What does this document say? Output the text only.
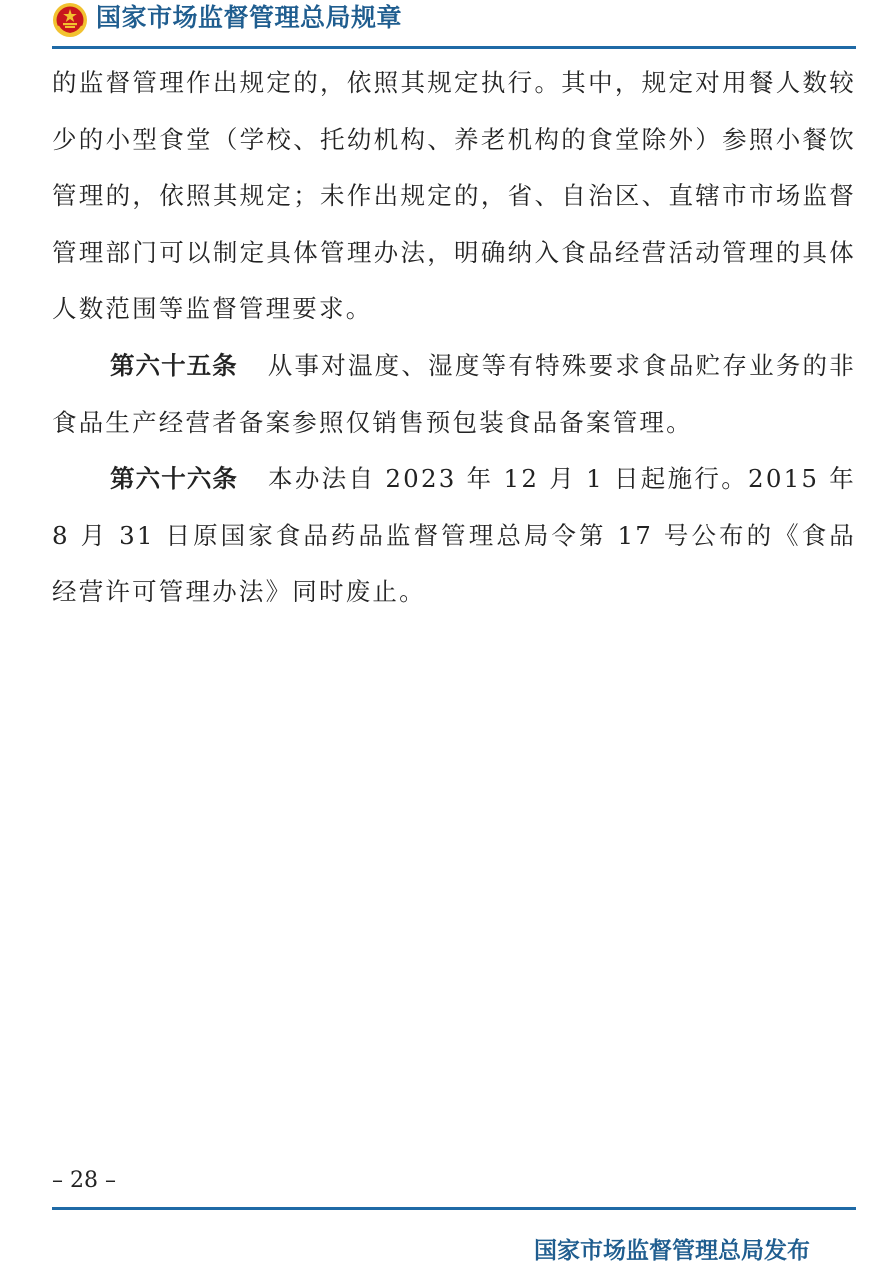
国家市场监督管理总局规章

的监督管理作出规定的，依照其规定执行。其中，规定对用餐人数较少的小型食堂（学校、托幼机构、养老机构的食堂除外）参照小餐饮管理的，依照其规定；未作出规定的，省、自治区、直辖市市场监督管理部门可以制定具体管理办法，明确纳入食品经营活动管理的具体人数范围等监督管理要求。

第六十五条 从事对温度、湿度等有特殊要求食品贮存业务的非食品生产经营者备案参照仅销售预包装食品备案管理。

第六十六条 本办法自 2023 年 12 月 1 日起施行。2015 年 8 月 31 日原国家食品药品监督管理总局令第 17 号公布的《食品经营许可管理办法》同时废止。

– 28 –
国家市场监督管理总局发布
